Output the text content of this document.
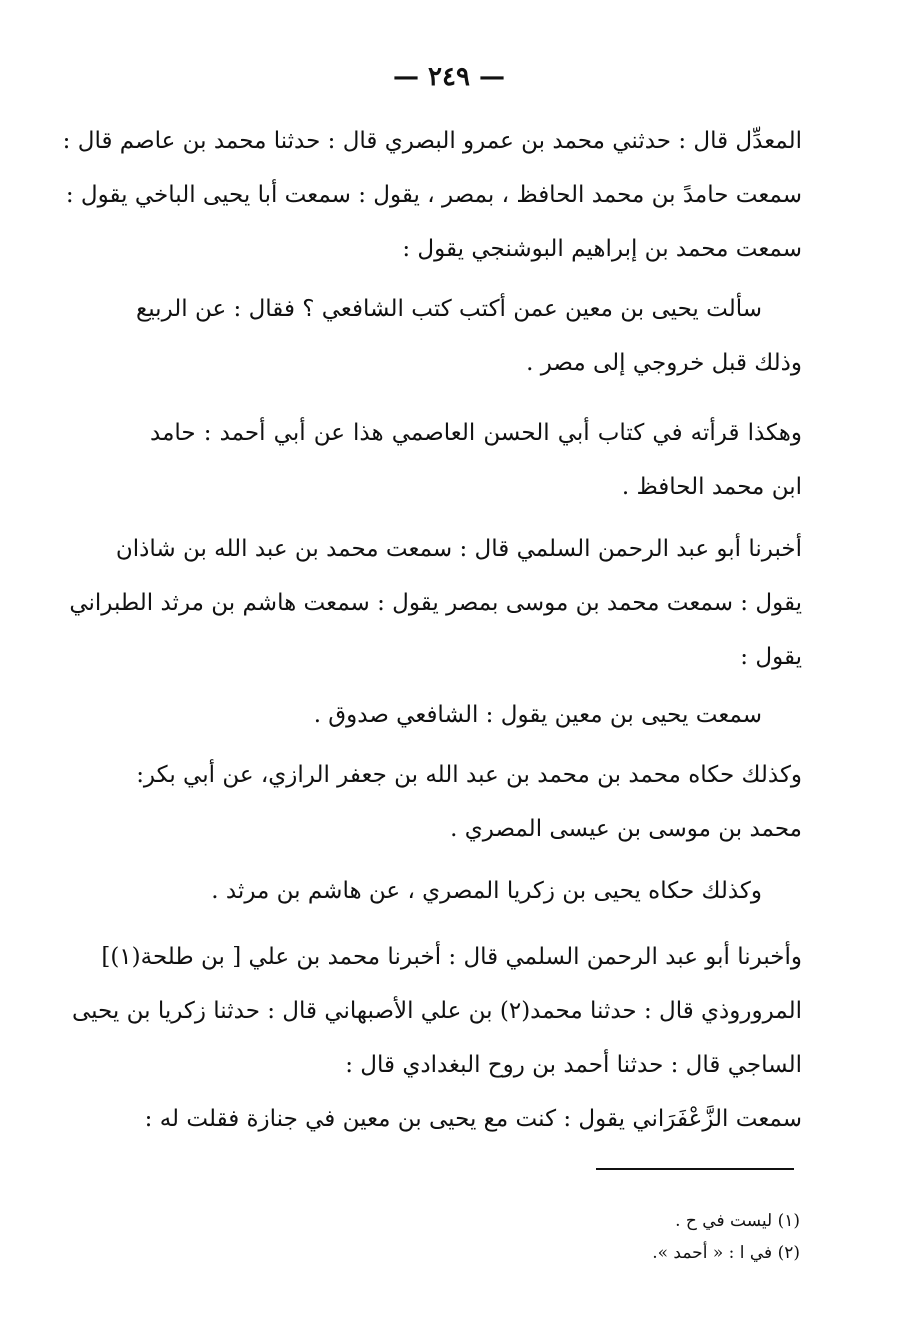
— ٢٤٩ —
المعدِّل قال : حدثني محمد بن عمرو البصري قال : حدثنا محمد بن عاصم قال :
سمعت حامدً بن محمد الحافظ ، بمصر ، يقول : سمعت أبا يحيى الباخي يقول :
سمعت محمد بن إبراهيم البوشنجي يقول :
سألت يحيى بن معين عمن أكتب كتب الشافعي ؟ فقال : عن الربيع
وذلك قبل خروجي إلى مصر .
وهكذا قرأته في كتاب أبي الحسن العاصمي هذا عن أبي أحمد : حامد
ابن محمد الحافظ .
أخبرنا أبو عبد الرحمن السلمي قال : سمعت محمد بن عبد الله بن شاذان
يقول : سمعت محمد بن موسى بمصر يقول : سمعت هاشم بن مرثد الطبراني
يقول :
سمعت يحيى بن معين يقول : الشافعي صدوق .
وكذلك حكاه محمد بن محمد بن عبد الله بن جعفر الرازي، عن أبي بكر:
محمد بن موسى بن عيسى المصري .
وكذلك حكاه يحيى بن زكريا المصري ، عن هاشم بن مرثد .
وأخبرنا أبو عبد الرحمن السلمي قال : أخبرنا محمد بن علي [ بن طلحة(١)]
المروروذي قال : حدثنا محمد(٢) بن علي الأصبهاني قال : حدثنا زكريا بن يحيى
الساجي قال : حدثنا أحمد بن روح البغدادي قال :
سمعت الزَّعْفَرَاني يقول : كنت مع يحيى بن معين في جنازة فقلت له :
(١) ليست في ح .
(٢) في ا : « أحمد ».
